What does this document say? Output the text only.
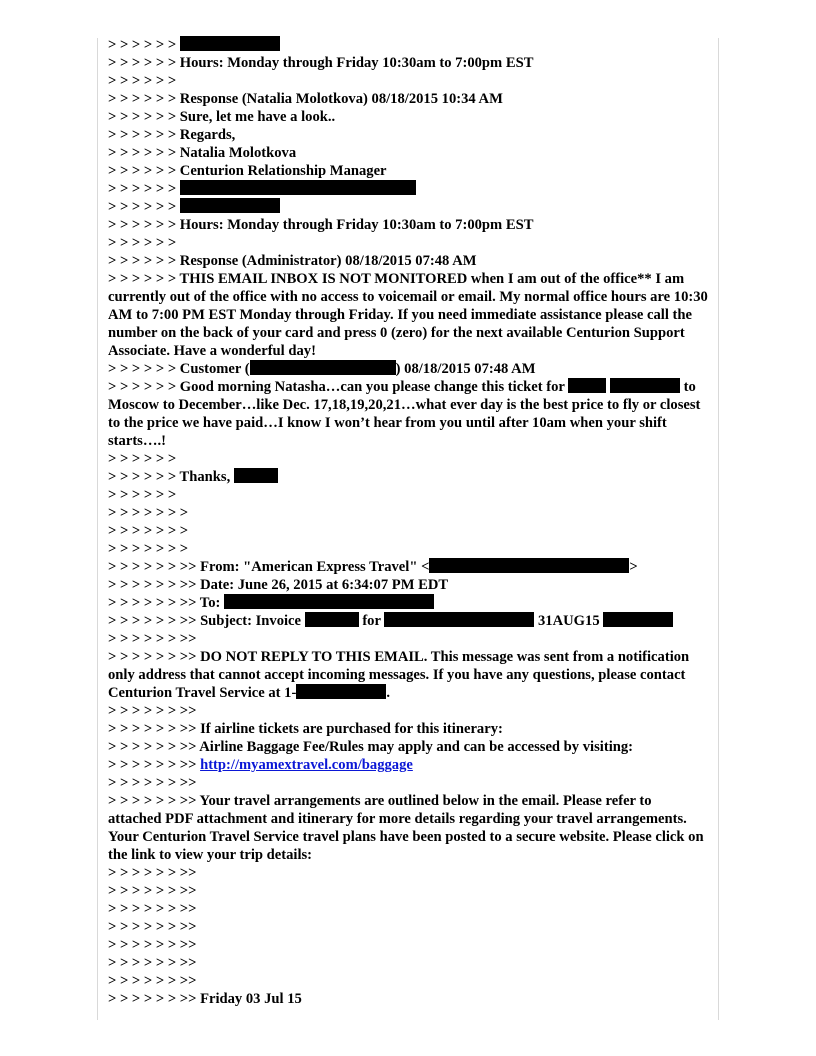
> > > > > >
> > > > > > Hours: Monday through Friday 10:30am to 7:00pm EST
> > > > > >
> > > > > > Response (Natalia Molotkova) 08/18/2015 10:34 AM
> > > > > > Sure, let me have a look..
> > > > > > Regards,
> > > > > > Natalia Molotkova
> > > > > > Centurion Relationship Manager
> > > > > >
> > > > > >
> > > > > > Hours: Monday through Friday 10:30am to 7:00pm EST
> > > > > >
> > > > > > Response (Administrator) 08/18/2015 07:48 AM
> > > > > > THIS EMAIL INBOX IS NOT MONITORED when I am out of the office** I am currently out of the office with no access to voicemail or email. My normal office hours are 10:30 AM to 7:00 PM EST Monday through Friday. If you need immediate assistance please call the number on the back of your card and press 0 (zero) for the next available Centurion Support Associate. Have a wonderful day!
> > > > > > Customer (	) 08/18/2015 07:48 AM
> > > > > > Good morning Natasha…can you please change this ticket for	to Moscow to December…like Dec. 17,18,19,20,21…what ever day is the best price to fly or closest to the price we have paid…I know I won’t hear from you until after 10am when your shift starts….!
> > > > > >
> > > > > > Thanks,
> > > > > >
> > > > > > >
> > > > > > >
> > > > > > >
> > > > > > >> From: "American Express Travel" <	>
> > > > > > >> Date: June 26, 2015 at 6:34:07 PM EDT
> > > > > > >> To:
> > > > > > >> Subject: Invoice	for	31AUG15
> > > > > > >>
> > > > > > >> DO NOT REPLY TO THIS EMAIL. This message was sent from a notification only address that cannot accept incoming messages. If you have any questions, please contact Centurion Travel Service at 1-	.
> > > > > > >>
> > > > > > >> If airline tickets are purchased for this itinerary:
> > > > > > >> Airline Baggage Fee/Rules may apply and can be accessed by visiting:
> > > > > > >> http://myamextravel.com/baggage
> > > > > > >>
> > > > > > >> Your travel arrangements are outlined below in the email. Please refer to attached PDF attachment and itinerary for more details regarding your travel arrangements. Your Centurion Travel Service travel plans have been posted to a secure website. Please click on the link to view your trip details:
> > > > > > >>
> > > > > > >>
> > > > > > >>
> > > > > > >>
> > > > > > >>
> > > > > > >>
> > > > > > >>
> > > > > > >> Friday 03 Jul 15
